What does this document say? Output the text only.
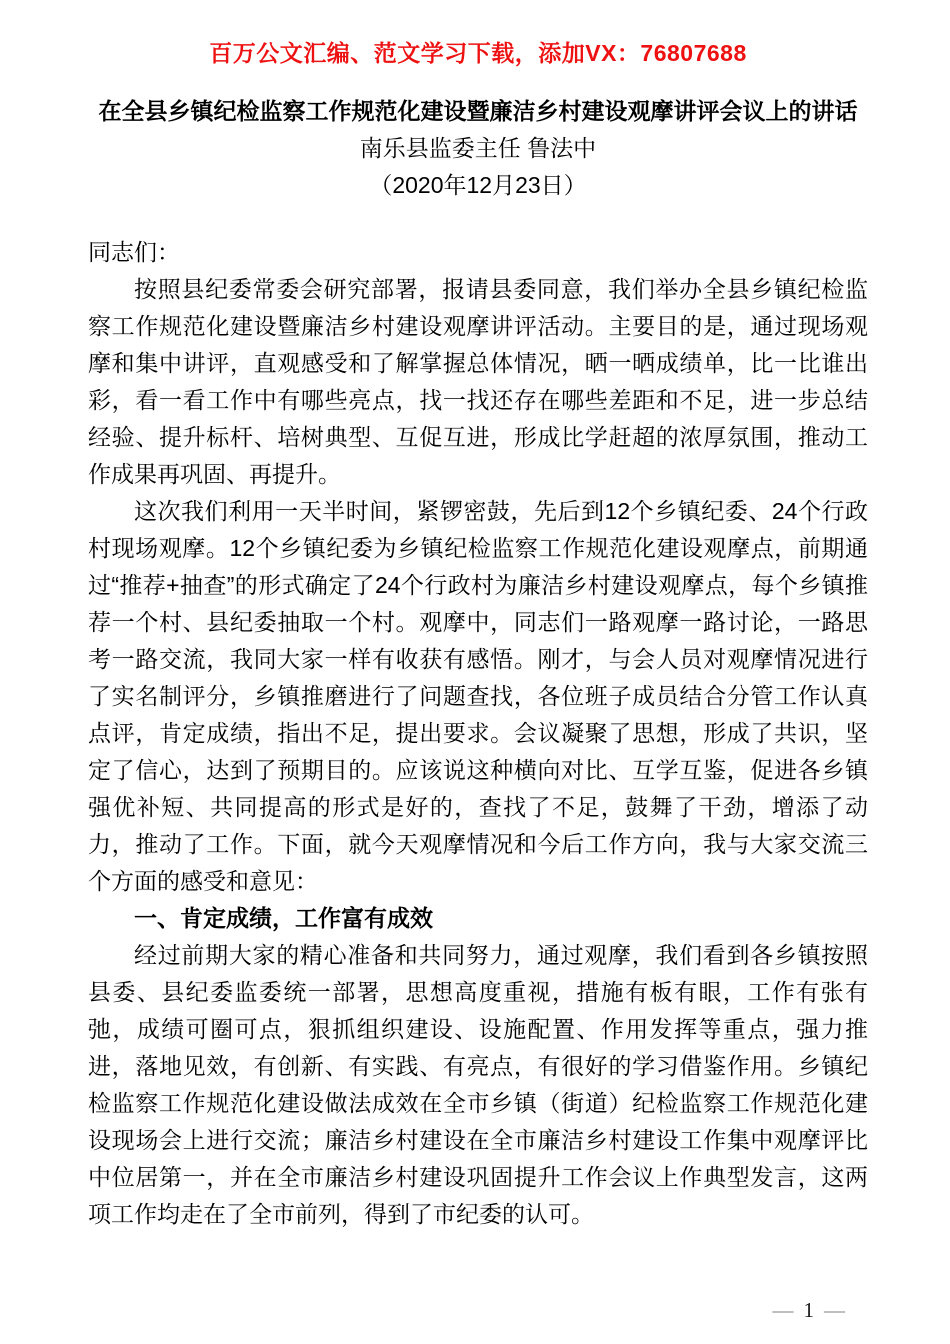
百万公文汇编、范文学习下载，添加VX：76807688
在全县乡镇纪检监察工作规范化建设暨廉洁乡村建设观摩讲评会议上的讲话
南乐县监委主任 鲁法中
（2020年12月23日）

同志们：

按照县纪委常委会研究部署，报请县委同意，我们举办全县乡镇纪检监察工作规范化建设暨廉洁乡村建设观摩讲评活动。主要目的是，通过现场观摩和集中讲评，直观感受和了解掌握总体情况，晒一晒成绩单，比一比谁出彩，看一看工作中有哪些亮点，找一找还存在哪些差距和不足，进一步总结经验、提升标杆、培树典型、互促互进，形成比学赶超的浓厚氛围，推动工作成果再巩固、再提升。

这次我们利用一天半时间，紧锣密鼓，先后到12个乡镇纪委、24个行政村现场观摩。12个乡镇纪委为乡镇纪检监察工作规范化建设观摩点，前期通过“推荐+抽查”的形式确定了24个行政村为廉洁乡村建设观摩点，每个乡镇推荐一个村、县纪委抽取一个村。观摩中，同志们一路观摩一路讨论，一路思考一路交流，我同大家一样有收获有感悟。刚才，与会人员对观摩情况进行了实名制评分，乡镇推磨进行了问题查找，各位班子成员结合分管工作认真点评，肯定成绩，指出不足，提出要求。会议凝聚了思想，形成了共识，坚定了信心，达到了预期目的。应该说这种横向对比、互学互鉴，促进各乡镇强优补短、共同提高的形式是好的，查找了不足，鼓舞了干劲，增添了动力，推动了工作。下面，就今天观摩情况和今后工作方向，我与大家交流三个方面的感受和意见：

一、肯定成绩，工作富有成效

经过前期大家的精心准备和共同努力，通过观摩，我们看到各乡镇按照县委、县纪委监委统一部署，思想高度重视，措施有板有眼，工作有张有弛，成绩可圈可点，狠抓组织建设、设施配置、作用发挥等重点，强力推进，落地见效，有创新、有实践、有亮点，有很好的学习借鉴作用。乡镇纪检监察工作规范化建设做法成效在全市乡镇（街道）纪检监察工作规范化建设现场会上进行交流；廉洁乡村建设在全市廉洁乡村建设工作集中观摩评比中位居第一，并在全市廉洁乡村建设巩固提升工作会议上作典型发言，这两项工作均走在了全市前列，得到了市纪委的认可。

— 1 —
